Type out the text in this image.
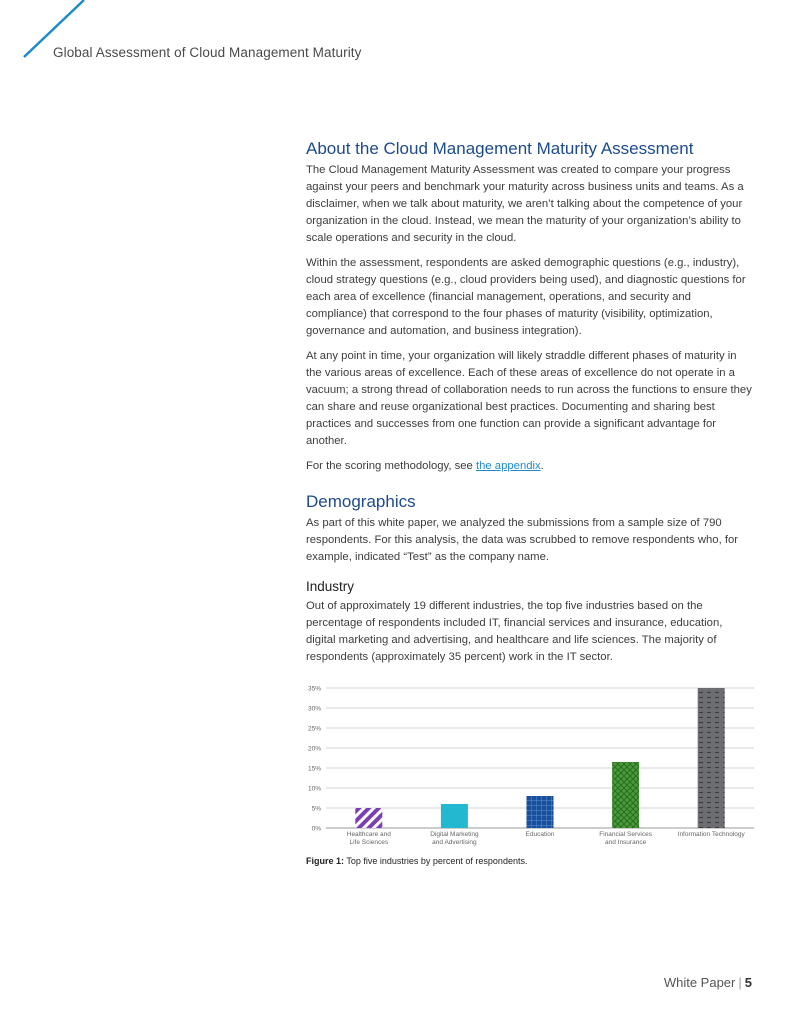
Global Assessment of Cloud Management Maturity
About the Cloud Management Maturity Assessment

The Cloud Management Maturity Assessment was created to compare your progress against your peers and benchmark your maturity across business units and teams. As a disclaimer, when we talk about maturity, we aren’t talking about the competence of your organization in the cloud. Instead, we mean the maturity of your organization’s ability to scale operations and security in the cloud.

Within the assessment, respondents are asked demographic questions (e.g., industry), cloud strategy questions (e.g., cloud providers being used), and diagnostic questions for each area of excellence (financial management, operations, and security and compliance) that correspond to the four phases of maturity (visibility, optimization, governance and automation, and business integration).

At any point in time, your organization will likely straddle different phases of maturity in the various areas of excellence. Each of these areas of excellence do not operate in a vacuum; a strong thread of collaboration needs to run across the functions to ensure they can share and reuse organizational best practices. Documenting and sharing best practices and successes from one function can provide a significant advantage for another.

For the scoring methodology, see the appendix.

Demographics

As part of this white paper, we analyzed the submissions from a sample size of 790 respondents. For this analysis, the data was scrubbed to remove respondents who, for example, indicated “Test” as the company name.

Industry

Out of approximately 19 different industries, the top five industries based on the percentage of respondents included IT, financial services and insurance, education, digital marketing and advertising, and healthcare and life sciences. The majority of respondents (approximately 35 percent) work in the IT sector.

0%
5%
10%
15%
20%
25%
30%
35%
Healthcare and
Life Sciences
Digital Marketing
and Advertising
Education	Financial Services
and Insurance
Information Technology
Figure 1: Top five industries by percent of respondents.
White Paper | 5
